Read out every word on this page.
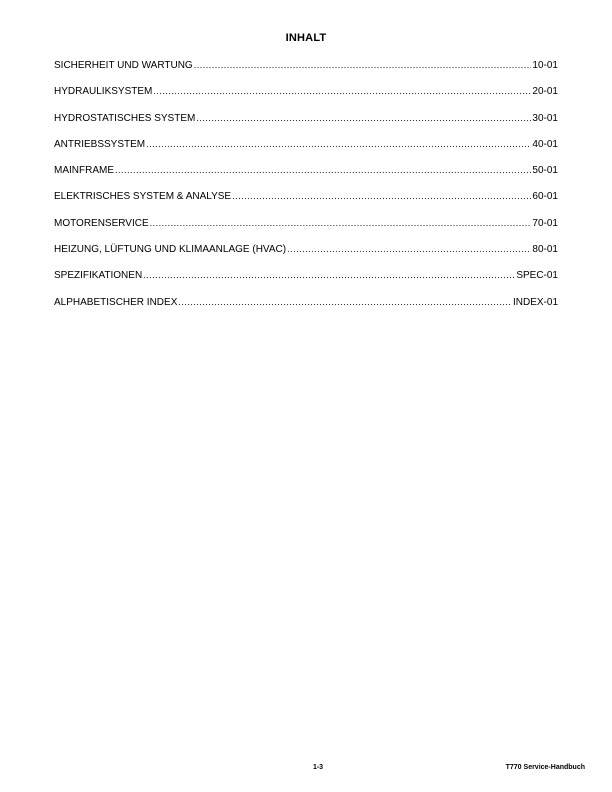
INHALT
SICHERHEIT UND WARTUNG .....	10-01
HYDRAULIKSYSTEM .....	20-01
HYDROSTATISCHES SYSTEM .....	30-01
ANTRIEBSSYSTEM .....	40-01
MAINFRAME .....	50-01
ELEKTRISCHES SYSTEM & ANALYSE .....	60-01
MOTORENSERVICE .....	70-01
HEIZUNG, LÜFTUNG UND KLIMAANLAGE (HVAC) .....	80-01
SPEZIFIKATIONEN .....	SPEC-01
ALPHABETISCHER INDEX .....	INDEX-01
1-3	T770 Service-Handbuch
